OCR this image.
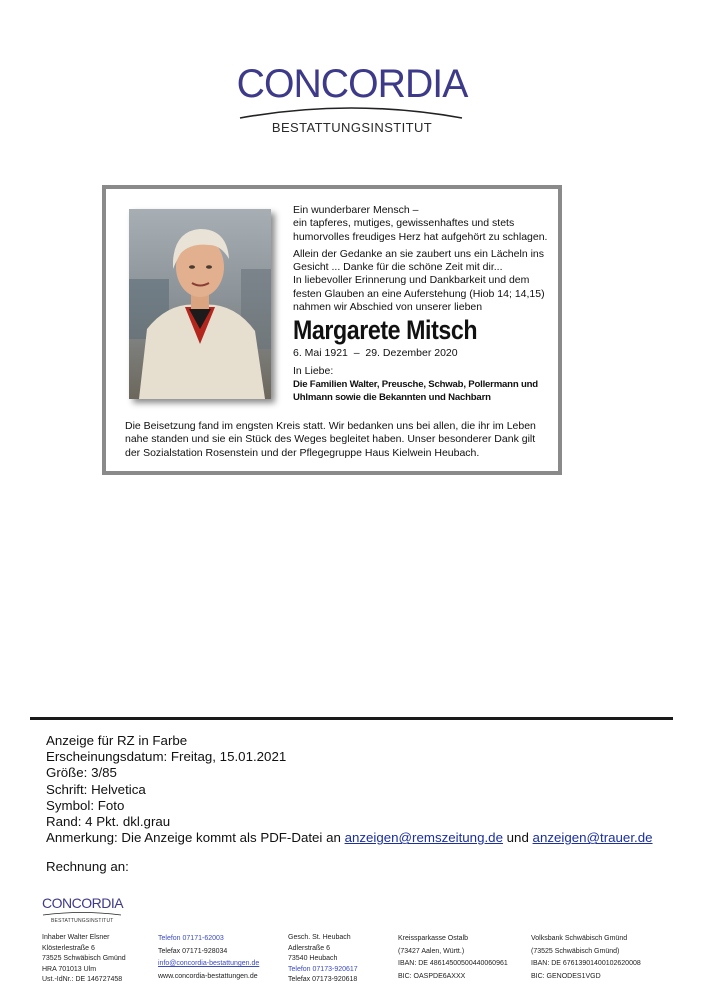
CONCORDIA
BESTATTUNGSINSTITUT

Ein wunderbarer Mensch –

ein tapferes, mutiges, gewissenhaftes und stets humorvolles freudiges Herz hat aufgehört zu schlagen.

Allein der Gedanke an sie zaubert uns ein Lächeln ins Gesicht ... Danke für die schöne Zeit mit dir...

In liebevoller Erinnerung und Dankbarkeit und dem festen Glauben an eine Auferstehung (Hiob 14; 14,15) nahmen wir Abschied von unserer lieben

Margarete Mitsch

6. Mai 1921  –  29. Dezember 2020

In Liebe:

Die Familien Walter, Preusche, Schwab, Pollermann und Uhlmann sowie die Bekannten und Nachbarn
Die Beisetzung fand im engsten Kreis statt. Wir bedanken uns bei allen, die ihr im Leben nahe standen und sie ein Stück des Weges begleitet haben. Unser besonderer Dank gilt der Sozialstation Rosenstein und der Pflegegruppe Haus Kielwein Heubach.
Anzeige für RZ in Farbe
Erscheinungsdatum: Freitag, 15.01.2021
Größe: 3/85
Schrift: Helvetica
Symbol: Foto
Rand: 4 Pkt. dkl.grau
Anmerkung: Die Anzeige kommt als PDF-Datei an anzeigen@remszeitung.de und anzeigen@trauer.de
Rechnung an:
CONCORDIA
BESTATTUNGSINSTITUT
Inhaber Walter Elsner
Klösterlestraße 6
73525 Schwäbisch Gmünd
HRA 701013 Ulm
Ust.-IdNr.: DE 146727458
Telefon 07171-62003
Telefax 07171-928034
info@concordia-bestattungen.de
www.concordia-bestattungen.de
Gesch. St. Heubach
Adlerstraße 6
73540 Heubach
Telefon 07173-920617
Telefax 07173-920618
Kreissparkasse Ostalb
(73427 Aalen, Württ.)
IBAN: DE 48614500500440060961
BIC: OASPDE6AXXX
Volksbank Schwäbisch Gmünd
(73525 Schwäbisch Gmünd)
IBAN: DE 67613901400102620008
BIC: GENODES1VGD
